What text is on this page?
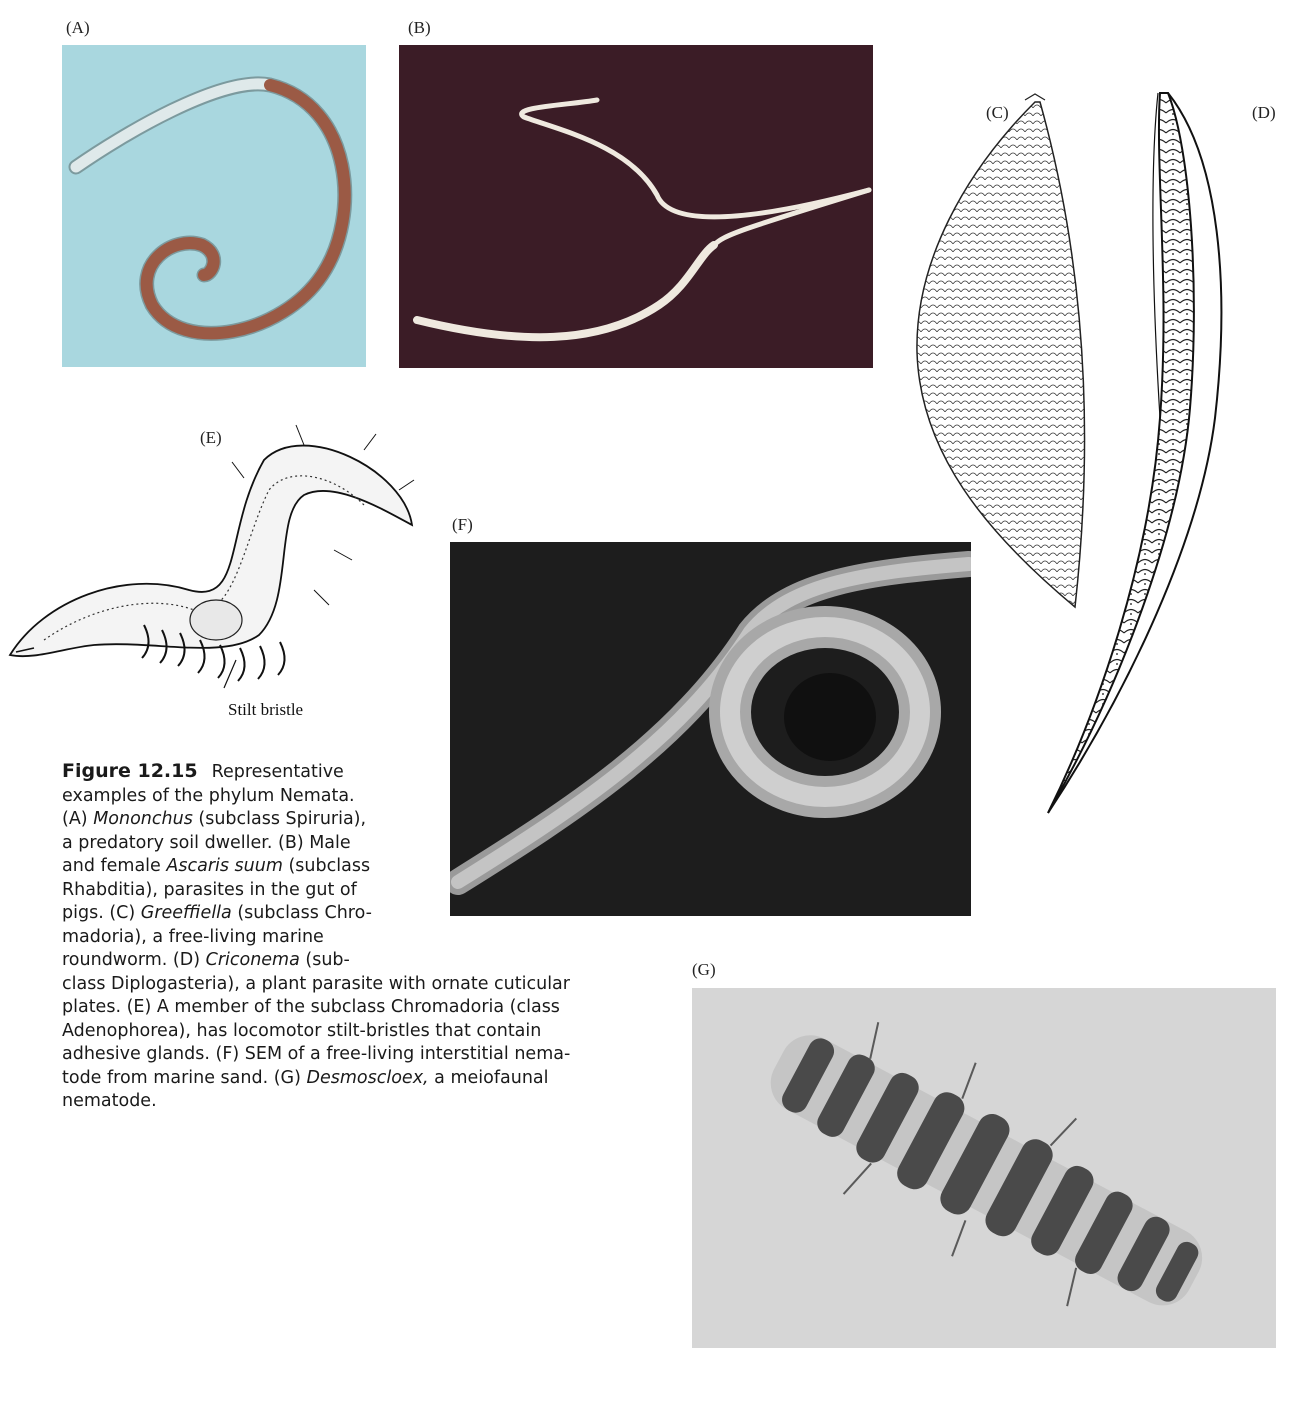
(A)	(B)
(C)	(D)
(E)
(F)
(G)
Stilt bristle
Figure 12.15 Representative
examples of the phylum Nemata.
(A) Mononchus (subclass Spiruria),
a predatory soil dweller. (B) Male
and female Ascaris suum (subclass
Rhabditia), parasites in the gut of
pigs. (C) Greeffiella (subclass Chro-
madoria), a free-living marine
roundworm. (D) Criconema (sub-
class Diplogasteria), a plant parasite with ornate cuticular
plates. (E) A member of the subclass Chromadoria (class
Adenophorea), has locomotor stilt-bristles that contain
adhesive glands. (F) SEM of a free-living interstitial nema-
tode from marine sand. (G) Desmoscloex, a meiofaunal
nematode.
